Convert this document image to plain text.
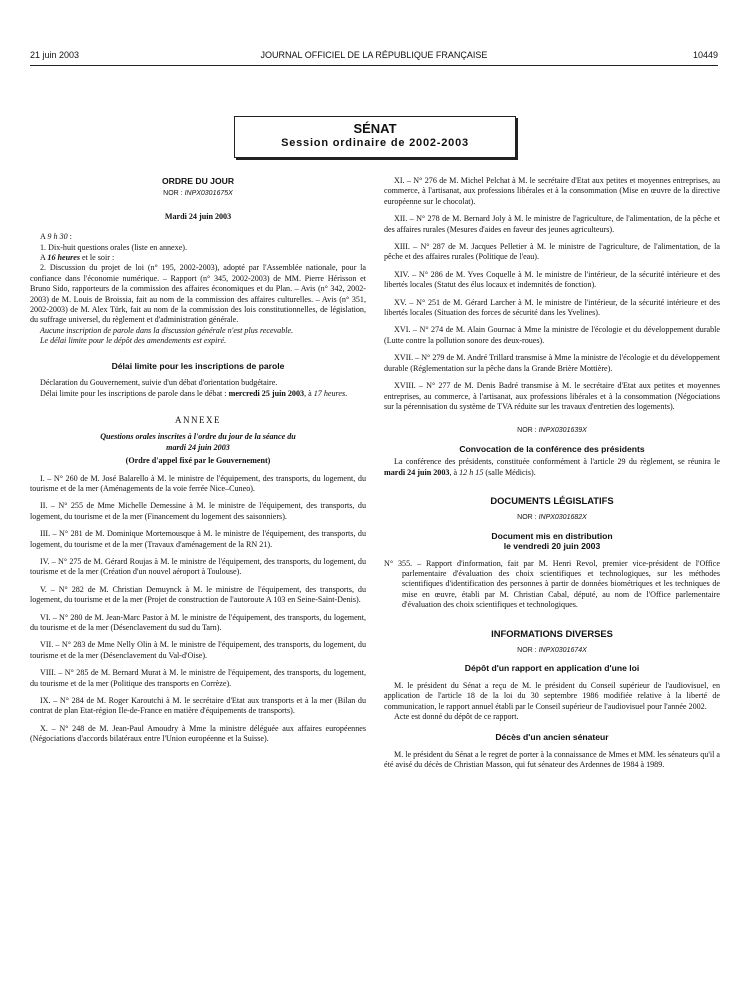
21 juin 2003	JOURNAL OFFICIEL DE LA RÉPUBLIQUE FRANÇAISE	10449
SÉNAT
Session ordinaire de 2002-2003

ORDRE DU JOUR

NOR : INPX0301675X

Mardi 24 juin 2003

A 9 h 30 :

1. Dix-huit questions orales (liste en annexe).

A 16 heures et le soir :

2. Discussion du projet de loi (n° 195, 2002-2003), adopté par l'Assemblée nationale, pour la confiance dans l'économie numérique. – Rapport (n° 345, 2002-2003) de MM. Pierre Hérisson et Bruno Sido, rapporteurs de la commission des affaires économiques et du Plan. – Avis (n° 342, 2002-2003) de M. Louis de Broissia, fait au nom de la commission des affaires culturelles. – Avis (n° 351, 2002-2003) de M. Alex Türk, fait au nom de la commission des lois constitutionnelles, de législation, du suffrage universel, du règlement et d'administration générale.

Aucune inscription de parole dans la discussion générale n'est plus recevable.

Le délai limite pour le dépôt des amendements est expiré.

Délai limite pour les inscriptions de parole

Déclaration du Gouvernement, suivie d'un débat d'orientation budgétaire.

Délai limite pour les inscriptions de parole dans le débat : mercredi 25 juin 2003, à 17 heures.

ANNEXE

Questions orales inscrites à l'ordre du jour de la séance du mardi 24 juin 2003

(Ordre d'appel fixé par le Gouvernement)

I. – N° 260 de M. José Balarello à M. le ministre de l'équipement, des transports, du logement, du tourisme et de la mer (Aménagements de la voie ferrée Nice–Cuneo).

II. – N° 255 de Mme Michelle Demessine à M. le ministre de l'équipement, des transports, du logement, du tourisme et de la mer (Financement du logement des saisonniers).

III. – N° 281 de M. Dominique Mortemousque à M. le ministre de l'équipement, des transports, du logement, du tourisme et de la mer (Travaux d'aménagement de la RN 21).

IV. – N° 275 de M. Gérard Roujas à M. le ministre de l'équipement, des transports, du logement, du tourisme et de la mer (Création d'un nouvel aéroport à Toulouse).

V. – N° 282 de M. Christian Demuynck à M. le ministre de l'équipement, des transports, du logement, du tourisme et de la mer (Projet de construction de l'autoroute A 103 en Seine-Saint-Denis).

VI. – N° 280 de M. Jean-Marc Pastor à M. le ministre de l'équipement, des transports, du logement, du tourisme et de la mer (Désenclavement du sud du Tarn).

VII. – N° 283 de Mme Nelly Olin à M. le ministre de l'équipement, des transports, du logement, du tourisme et de la mer (Désenclavement du Val-d'Oise).

VIII. – N° 285 de M. Bernard Murat à M. le ministre de l'équipement, des transports, du logement, du tourisme et de la mer (Politique des transports en Corrèze).

IX. – N° 284 de M. Roger Karoutchi à M. le secrétaire d'Etat aux transports et à la mer (Bilan du contrat de plan Etat-région Ile-de-France en matière d'équipements de transports).

X. – N° 248 de M. Jean-Paul Amoudry à Mme la ministre déléguée aux affaires européennes (Négociations d'accords bilatéraux entre l'Union européenne et la Suisse).

XI. – N° 276 de M. Michel Pelchat à M. le secrétaire d'Etat aux petites et moyennes entreprises, au commerce, à l'artisanat, aux professions libérales et à la consommation (Mise en œuvre de la directive européenne sur le chocolat).

XII. – N° 278 de M. Bernard Joly à M. le ministre de l'agriculture, de l'alimentation, de la pêche et des affaires rurales (Mesures d'aides en faveur des jeunes agriculteurs).

XIII. – N° 287 de M. Jacques Pelletier à M. le ministre de l'agriculture, de l'alimentation, de la pêche et des affaires rurales (Politique de l'eau).

XIV. – N° 286 de M. Yves Coquelle à M. le ministre de l'intérieur, de la sécurité intérieure et des libertés locales (Statut des élus locaux et indemnités de fonction).

XV. – N° 251 de M. Gérard Larcher à M. le ministre de l'intérieur, de la sécurité intérieure et des libertés locales (Situation des forces de sécurité dans les Yvelines).

XVI. – N° 274 de M. Alain Gournac à Mme la ministre de l'écologie et du développement durable (Lutte contre la pollution sonore des deux-roues).

XVII. – N° 279 de M. André Trillard transmise à Mme la ministre de l'écologie et du développement durable (Réglementation sur la pêche dans la Grande Brière Mottière).

XVIII. – N° 277 de M. Denis Badré transmise à M. le secrétaire d'Etat aux petites et moyennes entreprises, au commerce, à l'artisanat, aux professions libérales et à la consommation (Négociations sur la pérennisation du système de TVA réduite sur les travaux d'entretien des logements).

NOR : INPX0301639X

Convocation de la conférence des présidents

La conférence des présidents, constituée conformément à l'article 29 du règlement, se réunira le mardi 24 juin 2003, à 12 h 15 (salle Médicis).

DOCUMENTS LÉGISLATIFS

NOR : INPX0301682X

Document mis en distribution

le vendredi 20 juin 2003

N° 355. – Rapport d'information, fait par M. Henri Revol, premier vice-président de l'Office parlementaire d'évaluation des choix scientifiques et technologiques, sur les méthodes scientifiques d'identification des personnes à partir de données biométriques et les techniques de mise en œuvre, établi par M. Christian Cabal, député, au nom de l'Office parlementaire d'évaluation des choix scientifiques et technologiques.

INFORMATIONS DIVERSES

NOR : INPX0301674X

Dépôt d'un rapport en application d'une loi

M. le président du Sénat a reçu de M. le président du Conseil supérieur de l'audiovisuel, en application de l'article 18 de la loi du 30 septembre 1986 modifiée relative à la liberté de communication, le rapport annuel établi par le Conseil supérieur de l'audiovisuel pour l'année 2002.

Acte est donné du dépôt de ce rapport.

Décès d'un ancien sénateur

M. le président du Sénat a le regret de porter à la connaissance de Mmes et MM. les sénateurs qu'il a été avisé du décès de Christian Masson, qui fut sénateur des Ardennes de 1984 à 1989.
